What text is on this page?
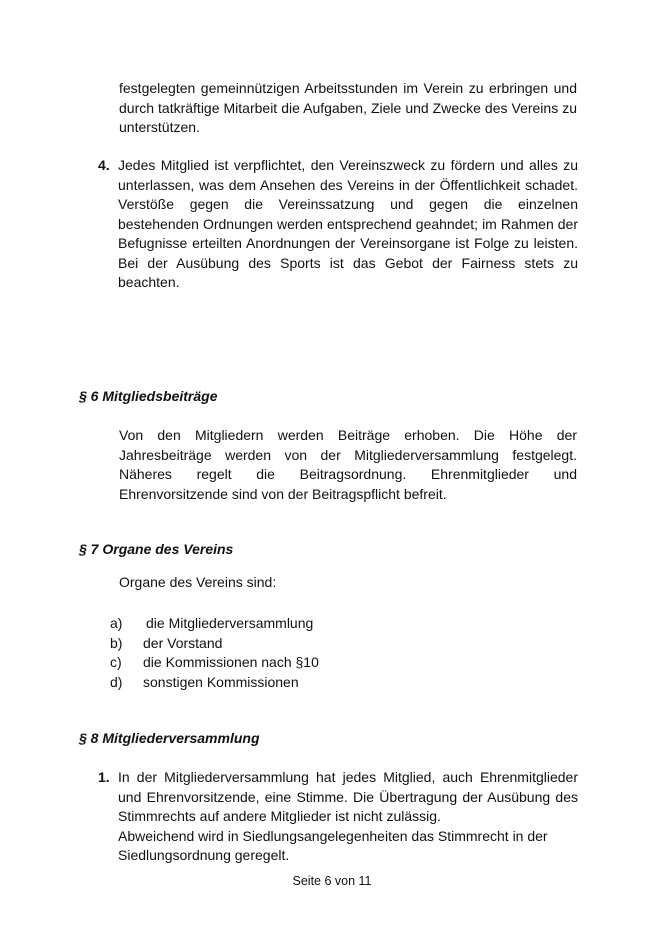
festgelegten gemeinnützigen Arbeitsstunden im Verein zu erbringen und durch tatkräftige Mitarbeit die Aufgaben, Ziele und Zwecke des Vereins zu unterstützen.
4. Jedes Mitglied ist verpflichtet, den Vereinszweck zu fördern und alles zu unterlassen, was dem Ansehen des Vereins in der Öffentlichkeit schadet. Verstöße gegen die Vereinssatzung und gegen die einzelnen bestehenden Ordnungen werden entsprechend geahndet; im Rahmen der Befugnisse erteilten Anordnungen der Vereinsorgane ist Folge zu leisten. Bei der Ausübung des Sports ist das Gebot der Fairness stets zu beachten.
§ 6 Mitgliedsbeiträge
Von den Mitgliedern werden Beiträge erhoben. Die Höhe der Jahresbeiträge werden von der Mitgliederversammlung festgelegt. Näheres regelt die Beitragsordnung. Ehrenmitglieder und Ehrenvorsitzende sind von der Beitragspflicht befreit.
§ 7 Organe des Vereins
Organe des Vereins sind:
a) die Mitgliederversammlung
b) der Vorstand
c) die Kommissionen nach §10
d) sonstigen Kommissionen
§ 8 Mitgliederversammlung
1. In der Mitgliederversammlung hat jedes Mitglied, auch Ehrenmitglieder und Ehrenvorsitzende, eine Stimme. Die Übertragung der Ausübung des Stimmrechts auf andere Mitglieder ist nicht zulässig.
Abweichend wird in Siedlungsangelegenheiten das Stimmrecht in der Siedlungsordnung geregelt.
Seite 6 von 11
